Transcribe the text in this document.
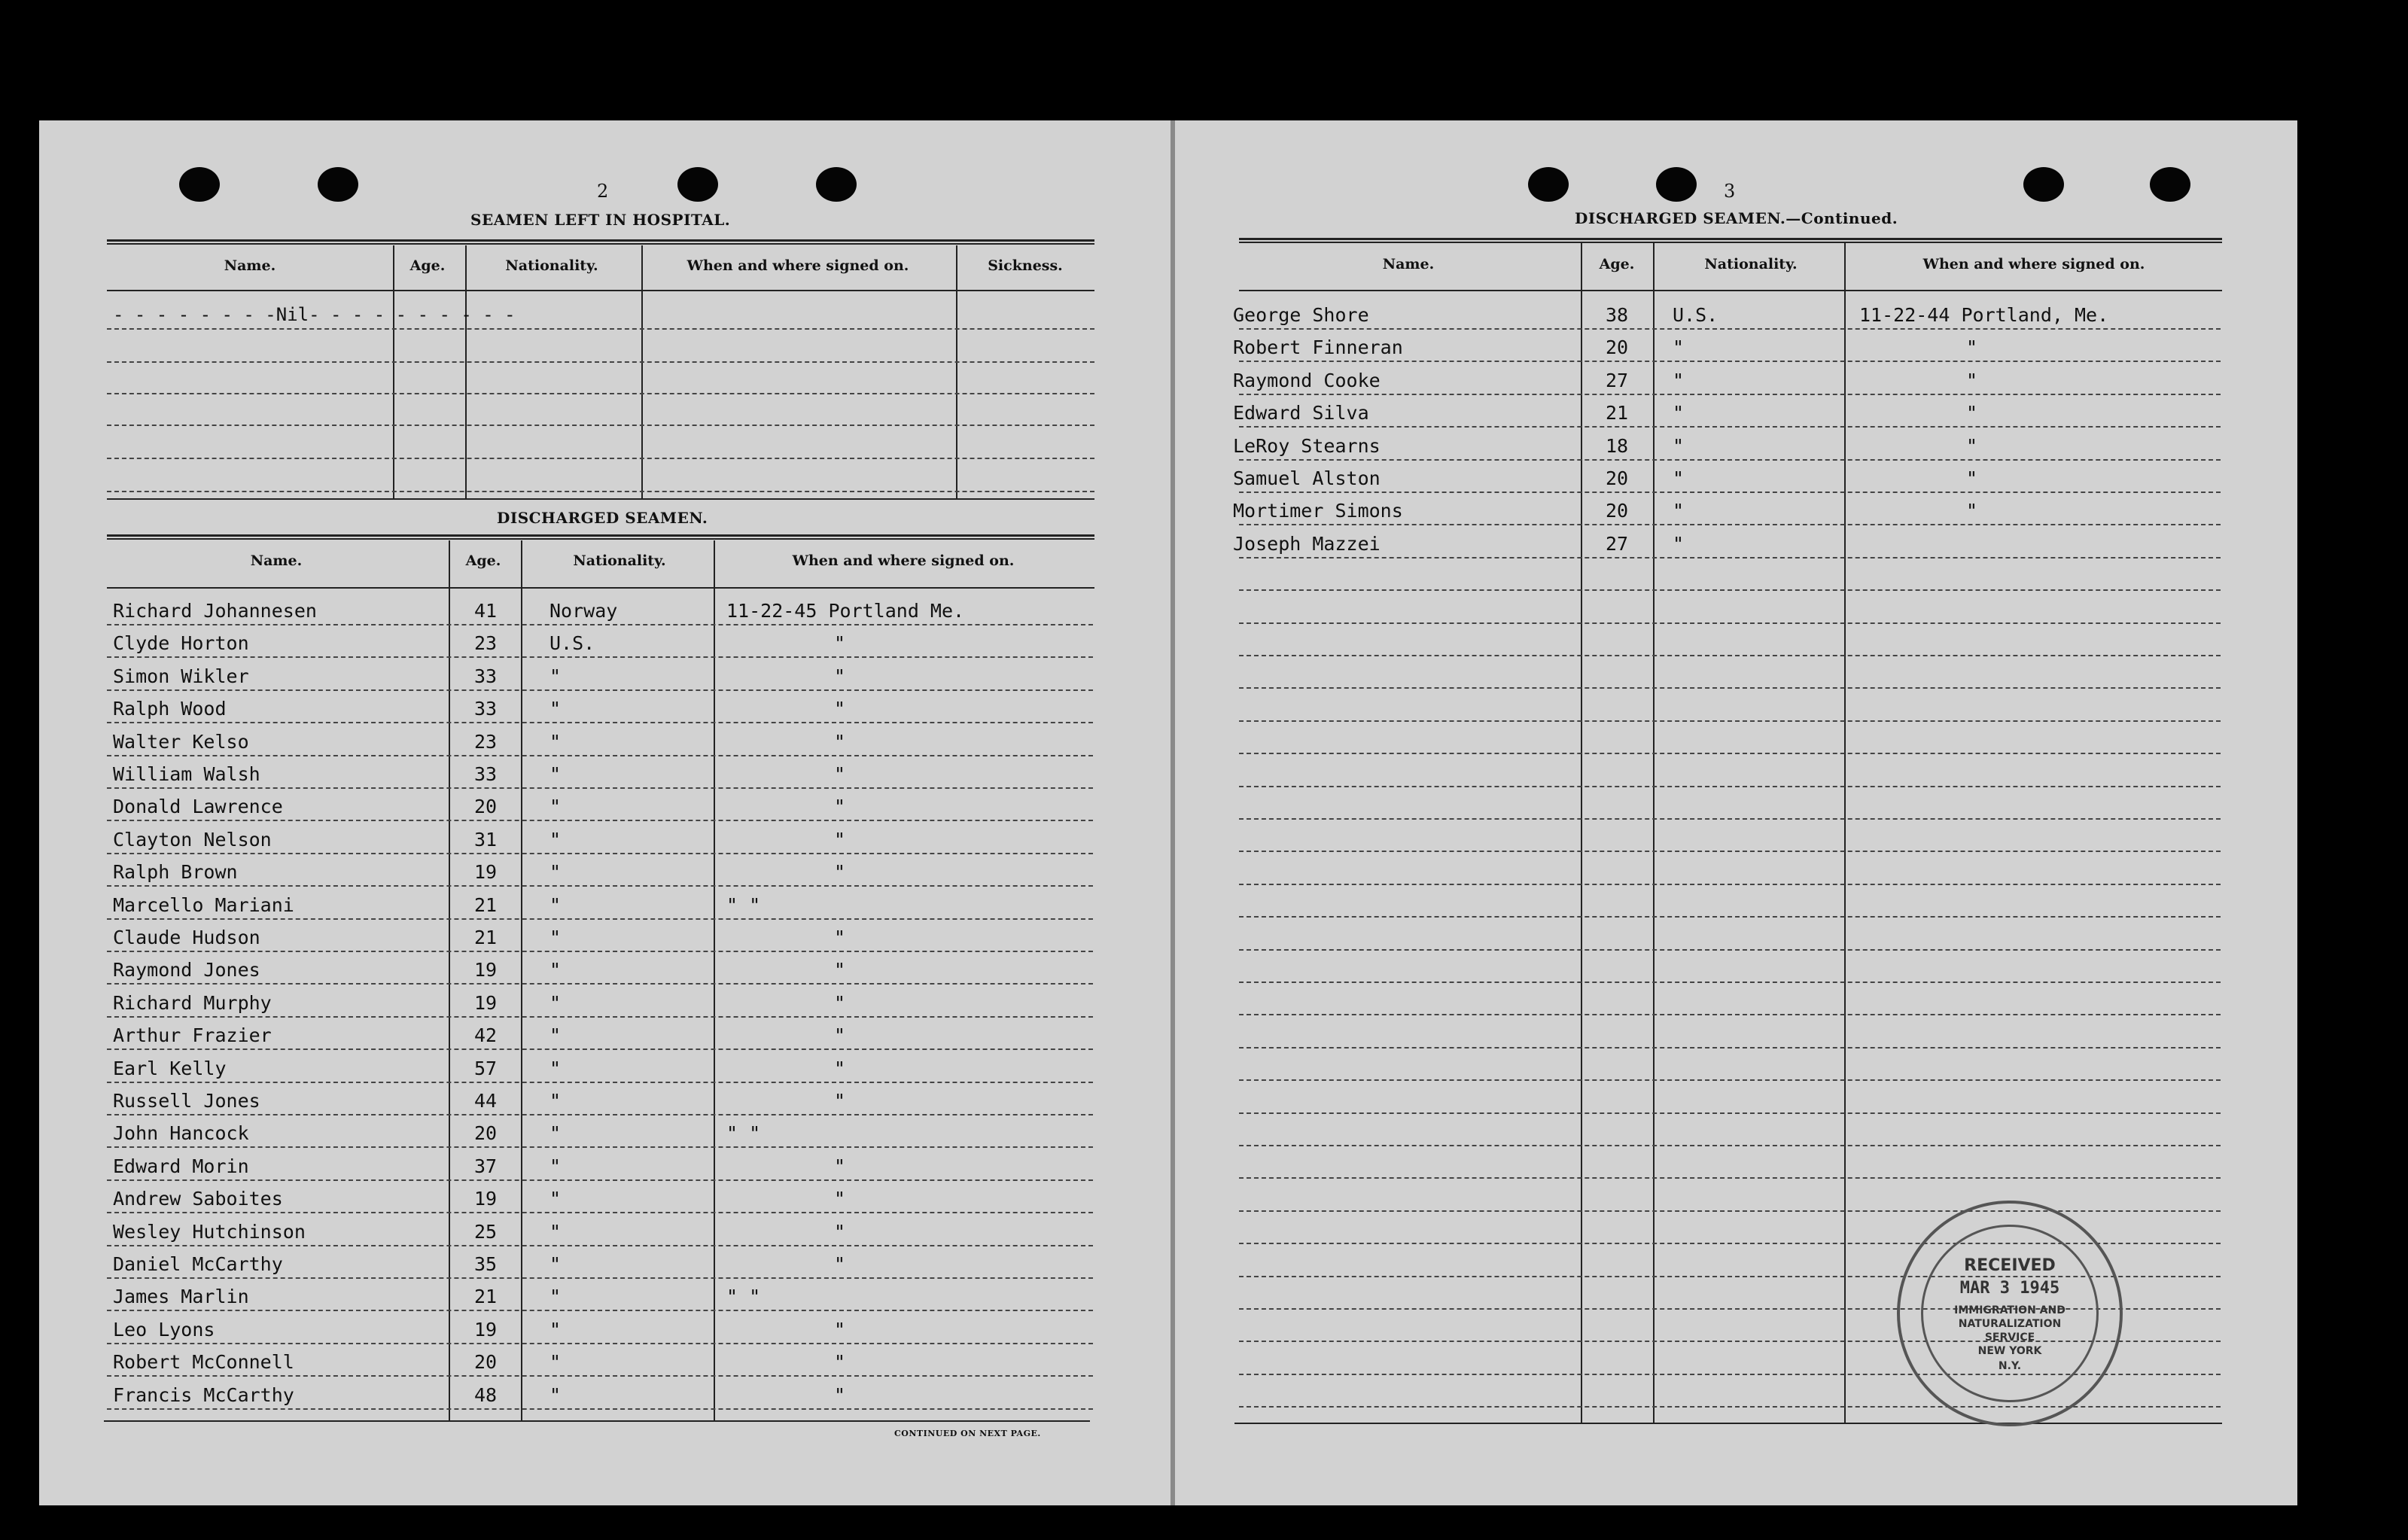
2
SEAMEN LEFT IN HOSPITAL.
Name.	Age.	Nationality.	When and where signed on.	Sickness.
- - - - - - - -Nil- - - - - - - - - -
DISCHARGED SEAMEN.
Name.	Age.	Nationality.	When and where signed on.
Richard Johannesen	41	Norway	11-22-45 Portland Me.
Clyde Horton	23	U.S.	"
Simon Wikler	33	"	"
Ralph Wood	33	"	"
Walter Kelso	23	"	"
William Walsh	33	"	"
Donald Lawrence	20	"	"
Clayton Nelson	31	"	"
Ralph Brown	19	"	"
Marcello Mariani	21	"	" "
Claude Hudson	21	"	"
Raymond Jones	19	"	"
Richard Murphy	19	"	"
Arthur Frazier	42	"	"
Earl Kelly	57	"	"
Russell Jones	44	"	"
John Hancock	20	"	" "
Edward Morin	37	"	"
Andrew Saboites	19	"	"
Wesley Hutchinson	25	"	"
Daniel McCarthy	35	"	"
James Marlin	21	"	" "
Leo Lyons	19	"	"
Robert McConnell	20	"	"
Francis McCarthy	48	"	"
CONTINUED ON NEXT PAGE.
3
DISCHARGED SEAMEN.—Continued.
Name.	Age.	Nationality.	When and where signed on.
George Shore	38	U.S.	11-22-44 Portland, Me.
Robert Finneran	20	"	"
Raymond Cooke	27	"	"
Edward Silva	21	"	"
LeRoy Stearns	18	"	"
Samuel Alston	20	"	"
Mortimer Simons	20	"	"
Joseph Mazzei	27	"
RECEIVED
MAR 3 1945
IMMIGRATION AND
NATURALIZATION
SERVICE
NEW YORK
N.Y.
